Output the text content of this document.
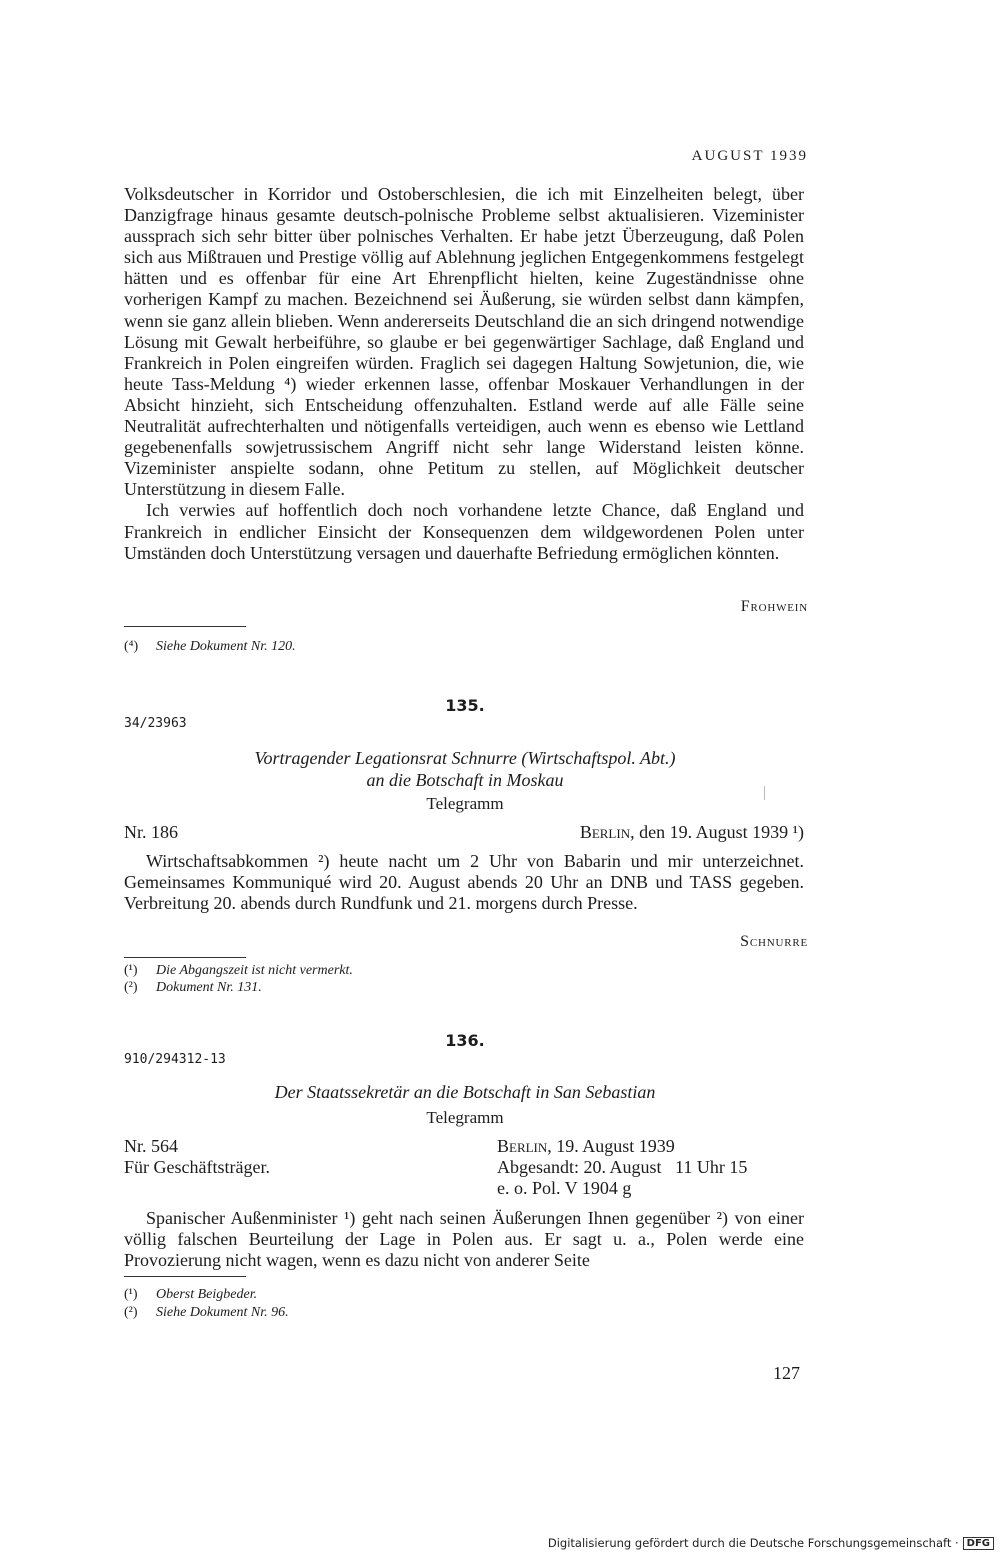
AUGUST 1939

Volksdeutscher in Korridor und Ostoberschlesien, die ich mit Einzelheiten belegt, über Danzigfrage hinaus gesamte deutsch-polnische Probleme selbst aktualisieren. Vizeminister aussprach sich sehr bitter über polnisches Verhalten. Er habe jetzt Überzeugung, daß Polen sich aus Mißtrauen und Prestige völlig auf Ablehnung jeglichen Entgegenkommens festgelegt hätten und es offenbar für eine Art Ehrenpflicht hielten, keine Zugeständnisse ohne vorherigen Kampf zu machen. Bezeichnend sei Äußerung, sie würden selbst dann kämpfen, wenn sie ganz allein blieben. Wenn andererseits Deutschland die an sich dringend notwendige Lösung mit Gewalt herbeiführe, so glaube er bei gegenwärtiger Sachlage, daß England und Frankreich in Polen eingreifen würden. Fraglich sei dagegen Haltung Sowjetunion, die, wie heute Tass-Meldung ⁴) wieder erkennen lasse, offenbar Moskauer Verhandlungen in der Absicht hinzieht, sich Entscheidung offenzuhalten. Estland werde auf alle Fälle seine Neutralität aufrechterhalten und nötigenfalls verteidigen, auch wenn es ebenso wie Lettland gegebenenfalls sowjetrussischem Angriff nicht sehr lange Widerstand leisten könne. Vizeminister anspielte sodann, ohne Petitum zu stellen, auf Möglichkeit deutscher Unterstützung in diesem Falle.

Ich verwies auf hoffentlich doch noch vorhandene letzte Chance, daß England und Frankreich in endlicher Einsicht der Konsequenzen dem wildgewordenen Polen unter Umständen doch Unterstützung versagen und dauerhafte Befriedung ermöglichen könnten.

Frohwein
(⁴) Siehe Dokument Nr. 120.
135.
34/23963
Vortragender Legationsrat Schnurre (Wirtschaftspol. Abt.)
an die Botschaft in Moskau
Telegramm
Nr. 186	Berlin, den 19. August 1939 ¹)

Wirtschaftsabkommen ²) heute nacht um 2 Uhr von Babarin und mir unterzeichnet. Gemeinsames Kommuniqué wird 20. August abends 20 Uhr an DNB und TASS gegeben. Verbreitung 20. abends durch Rundfunk und 21. morgens durch Presse.

Schnurre
(¹) Die Abgangszeit ist nicht vermerkt.
(²) Dokument Nr. 131.
136.
910/294312-13
Der Staatssekretär an die Botschaft in San Sebastian
Telegramm
Nr. 564
Für Geschäftsträger.
Berlin, 19. August 1939
Abgesandt: 20. August   11 Uhr 15
e. o. Pol. V 1904 g

Spanischer Außenminister ¹) geht nach seinen Äußerungen Ihnen gegenüber ²) von einer völlig falschen Beurteilung der Lage in Polen aus. Er sagt u. a., Polen werde eine Provozierung nicht wagen, wenn es dazu nicht von anderer Seite

(¹) Oberst Beigbeder.
(²) Siehe Dokument Nr. 96.
127
Digitalisierung gefördert durch die Deutsche Forschungsgemeinschaft · DFG
